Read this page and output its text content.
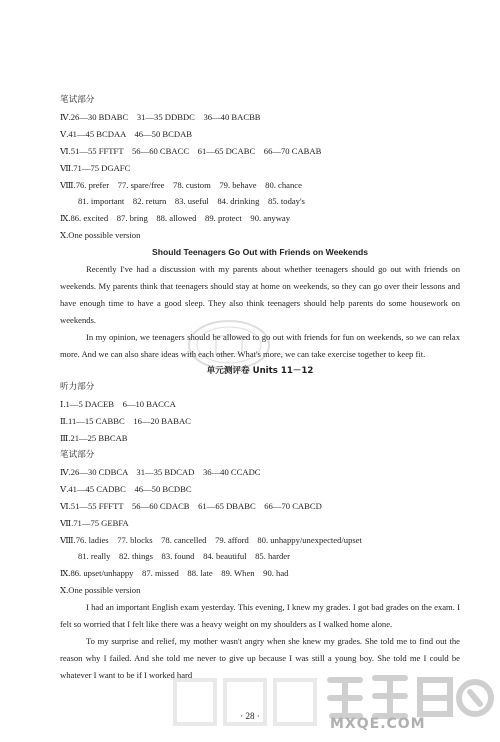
笔试部分
Ⅳ.26—30 BDABC    31—35 DDBDC    36—40 BACBB
Ⅴ.41—45 BCDAA    46—50 BCDAB
Ⅵ.51—55 FFTFT    56—60 CBACC    61—65 DCABC    66—70 CABAB
Ⅶ.71—75 DGAFC
Ⅷ.76. prefer    77. spare/free    78. custom    79. behave    80. chance
81. important    82. return    83. useful    84. drinking    85. today's
Ⅸ.86. excited    87. bring    88. allowed    89. protect    90. anyway
Ⅹ.One possible version
Should Teenagers Go Out with Friends on Weekends
Recently I've had a discussion with my parents about whether teenagers should go out with friends on weekends. My parents think that teenagers should stay at home on weekends, so they can go over their lessons and have enough time to have a good sleep. They also think teenagers should help parents do some housework on weekends.
In my opinion, we teenagers should be allowed to go out with friends for fun on weekends, so we can relax more. And we can also share ideas with each other. What's more, we can take exercise together to keep fit.
单元测评卷 Units 11－12
听力部分
Ⅰ.1—5 DACEB    6—10 BACCA
Ⅱ.11—15 CABBC    16—20 BABAC
Ⅲ.21—25 BBCAB
笔试部分
Ⅳ.26—30 CDBCA    31—35 BDCAD    36—40 CCADC
Ⅴ.41—45 CADBC    46—50 BCDBC
Ⅵ.51—55 FFFTT    56—60 CDACB    61—65 DBABC    66—70 CABCD
Ⅶ.71—75 GEBFA
Ⅷ.76. ladies    77. blocks    78. cancelled    79. afford    80. unhappy/unexpected/upset
81. really    82. things    83. found    84. beautiful    85. harder
Ⅸ.86. upset/unhappy    87. missed    88. late    89. When    90. had
Ⅹ.One possible version
I had an important English exam yesterday. This evening, I knew my grades. I got bad grades on the exam. I felt so worried that I felt like there was a heavy weight on my shoulders as I walked home alone.
To my surprise and relief, my mother wasn't angry when she knew my grades. She told me to find out the reason why I failed. And she told me never to give up because I was still a young boy. She told me I could be whatever I want to be if I worked hard
· 28 ·	MXQE.COM
